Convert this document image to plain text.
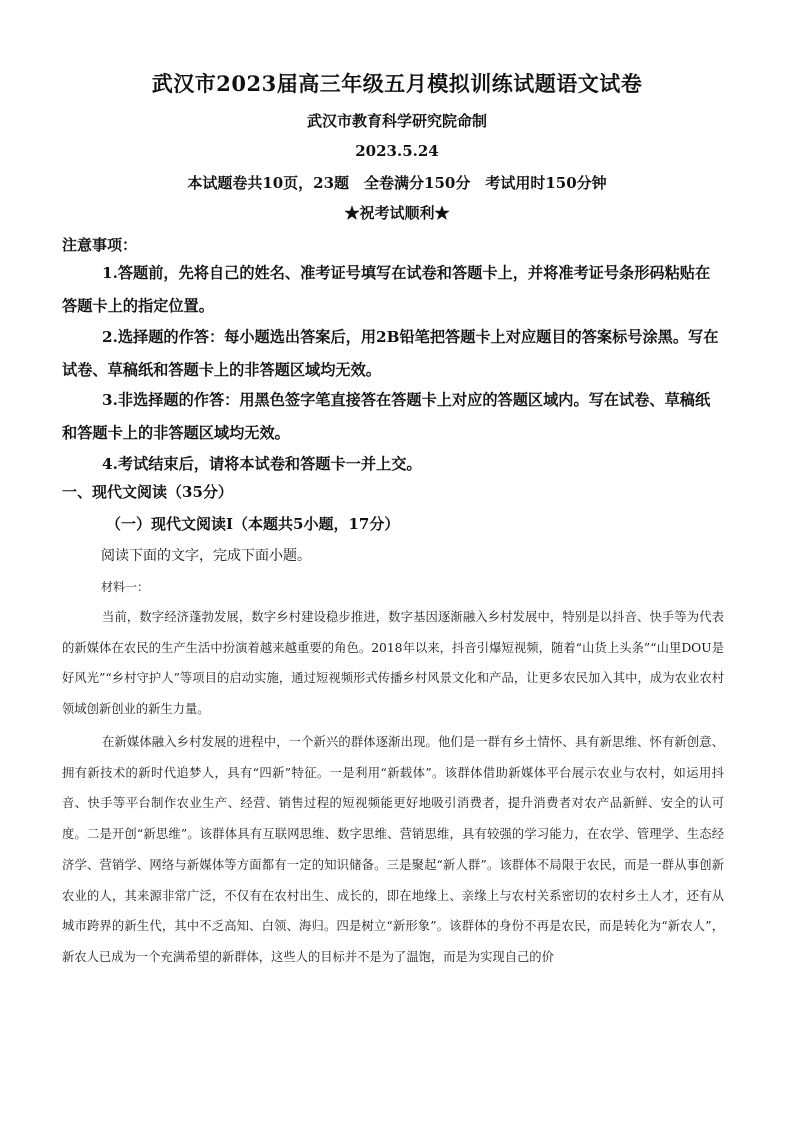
武汉市2023届高三年级五月模拟训练试题语文试卷
武汉市教育科学研究院命制
2023.5.24
本试题卷共10页，23题　全卷满分150分　考试用时150分钟
★祝考试顺利★
注意事项：
1.答题前，先将自己的姓名、准考证号填写在试卷和答题卡上，并将准考证号条形码粘贴在答题卡上的指定位置。
2.选择题的作答：每小题选出答案后，用2B铅笔把答题卡上对应题目的答案标号涂黑。写在试卷、草稿纸和答题卡上的非答题区域均无效。
3.非选择题的作答：用黑色签字笔直接答在答题卡上对应的答题区域内。写在试卷、草稿纸和答题卡上的非答题区域均无效。
4.考试结束后，请将本试卷和答题卡一并上交。
一、现代文阅读（35分）
（一）现代文阅读Ⅰ（本题共5小题，17分）
阅读下面的文字，完成下面小题。
材料一：
当前，数字经济蓬勃发展，数字乡村建设稳步推进，数字基因逐渐融入乡村发展中，特别是以抖音、快手等为代表的新媒体在农民的生产生活中扮演着越来越重要的角色。2018年以来，抖音引爆短视频，随着“山货上头条”“山里DOU是好风光”“乡村守护人”等项目的启动实施，通过短视频形式传播乡村风景文化和产品，让更多农民加入其中，成为农业农村领域创新创业的新生力量。
在新媒体融入乡村发展的进程中，一个新兴的群体逐渐出现。他们是一群有乡土情怀、具有新思维、怀有新创意、拥有新技术的新时代追梦人，具有“四新”特征。一是利用“新载体”。该群体借助新媒体平台展示农业与农村，如运用抖音、快手等平台制作农业生产、经营、销售过程的短视频能更好地吸引消费者，提升消费者对农产品新鲜、安全的认可度。二是开创“新思维”。该群体具有互联网思维、数字思维、营销思维，具有较强的学习能力，在农学、管理学、生态经济学、营销学、网络与新媒体等方面都有一定的知识储备。三是聚起“新人群”。该群体不局限于农民，而是一群从事创新农业的人，其来源非常广泛，不仅有在农村出生、成长的，即在地缘上、亲缘上与农村关系密切的农村乡土人才，还有从城市跨界的新生代，其中不乏高知、白领、海归。四是树立“新形象”。该群体的身份不再是农民，而是转化为“新农人”，新农人已成为一个充满希望的新群体，这些人的目标并不是为了温饱，而是为实现自己的价
